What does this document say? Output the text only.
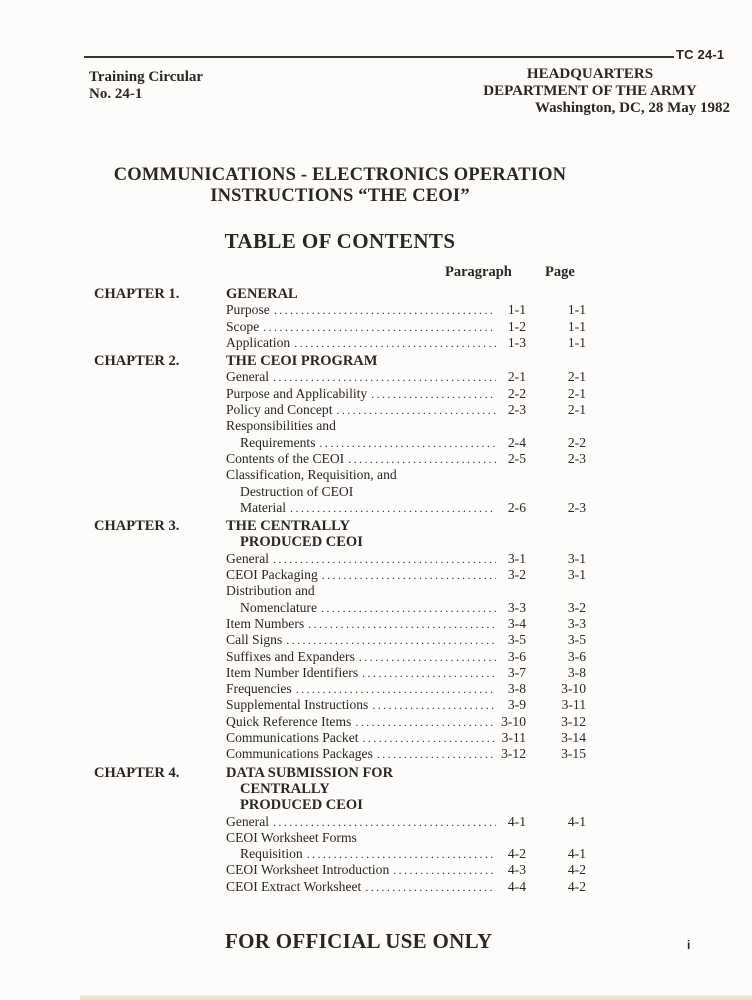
TC 24-1
Training Circular
No. 24-1
HEADQUARTERS
DEPARTMENT OF THE ARMY
Washington, DC, 28 May 1982
COMMUNICATIONS - ELECTRONICS OPERATION
INSTRUCTIONS “THE CEOI”
TABLE OF CONTENTS
Paragraph Page
CHAPTER 1.	GENERAL
Purpose .....	1-1	1-1
Scope .....	1-2	1-1
Application .....	1-3	1-1
CHAPTER 2.	THE CEOI PROGRAM
General .....	2-1	2-1
Purpose and Applicability .....	2-2	2-1
Policy and Concept .....	2-3	2-1
Responsibilities and
Requirements .....	2-4	2-2
Contents of the CEOI .....	2-5	2-3
Classification, Requisition, and
Destruction of CEOI
Material .....	2-6	2-3
CHAPTER 3.	THE CENTRALLY
PRODUCED CEOI
General .....	3-1	3-1
CEOI Packaging .....	3-2	3-1
Distribution and
Nomenclature .....	3-3	3-2
Item Numbers .....	3-4	3-3
Call Signs .....	3-5	3-5
Suffixes and Expanders .....	3-6	3-6
Item Number Identifiers .....	3-7	3-8
Frequencies .....	3-8	3-10
Supplemental Instructions .....	3-9	3-11
Quick Reference Items .....	3-10	3-12
Communications Packet .....	3-11	3-14
Communications Packages .....	3-12	3-15
CHAPTER 4.	DATA SUBMISSION FOR
CENTRALLY
PRODUCED CEOI
General .....	4-1	4-1
CEOI Worksheet Forms
Requisition .....	4-2	4-1
CEOI Worksheet Introduction .....	4-3	4-2
CEOI Extract Worksheet .....	4-4	4-2
FOR OFFICIAL USE ONLY	i
